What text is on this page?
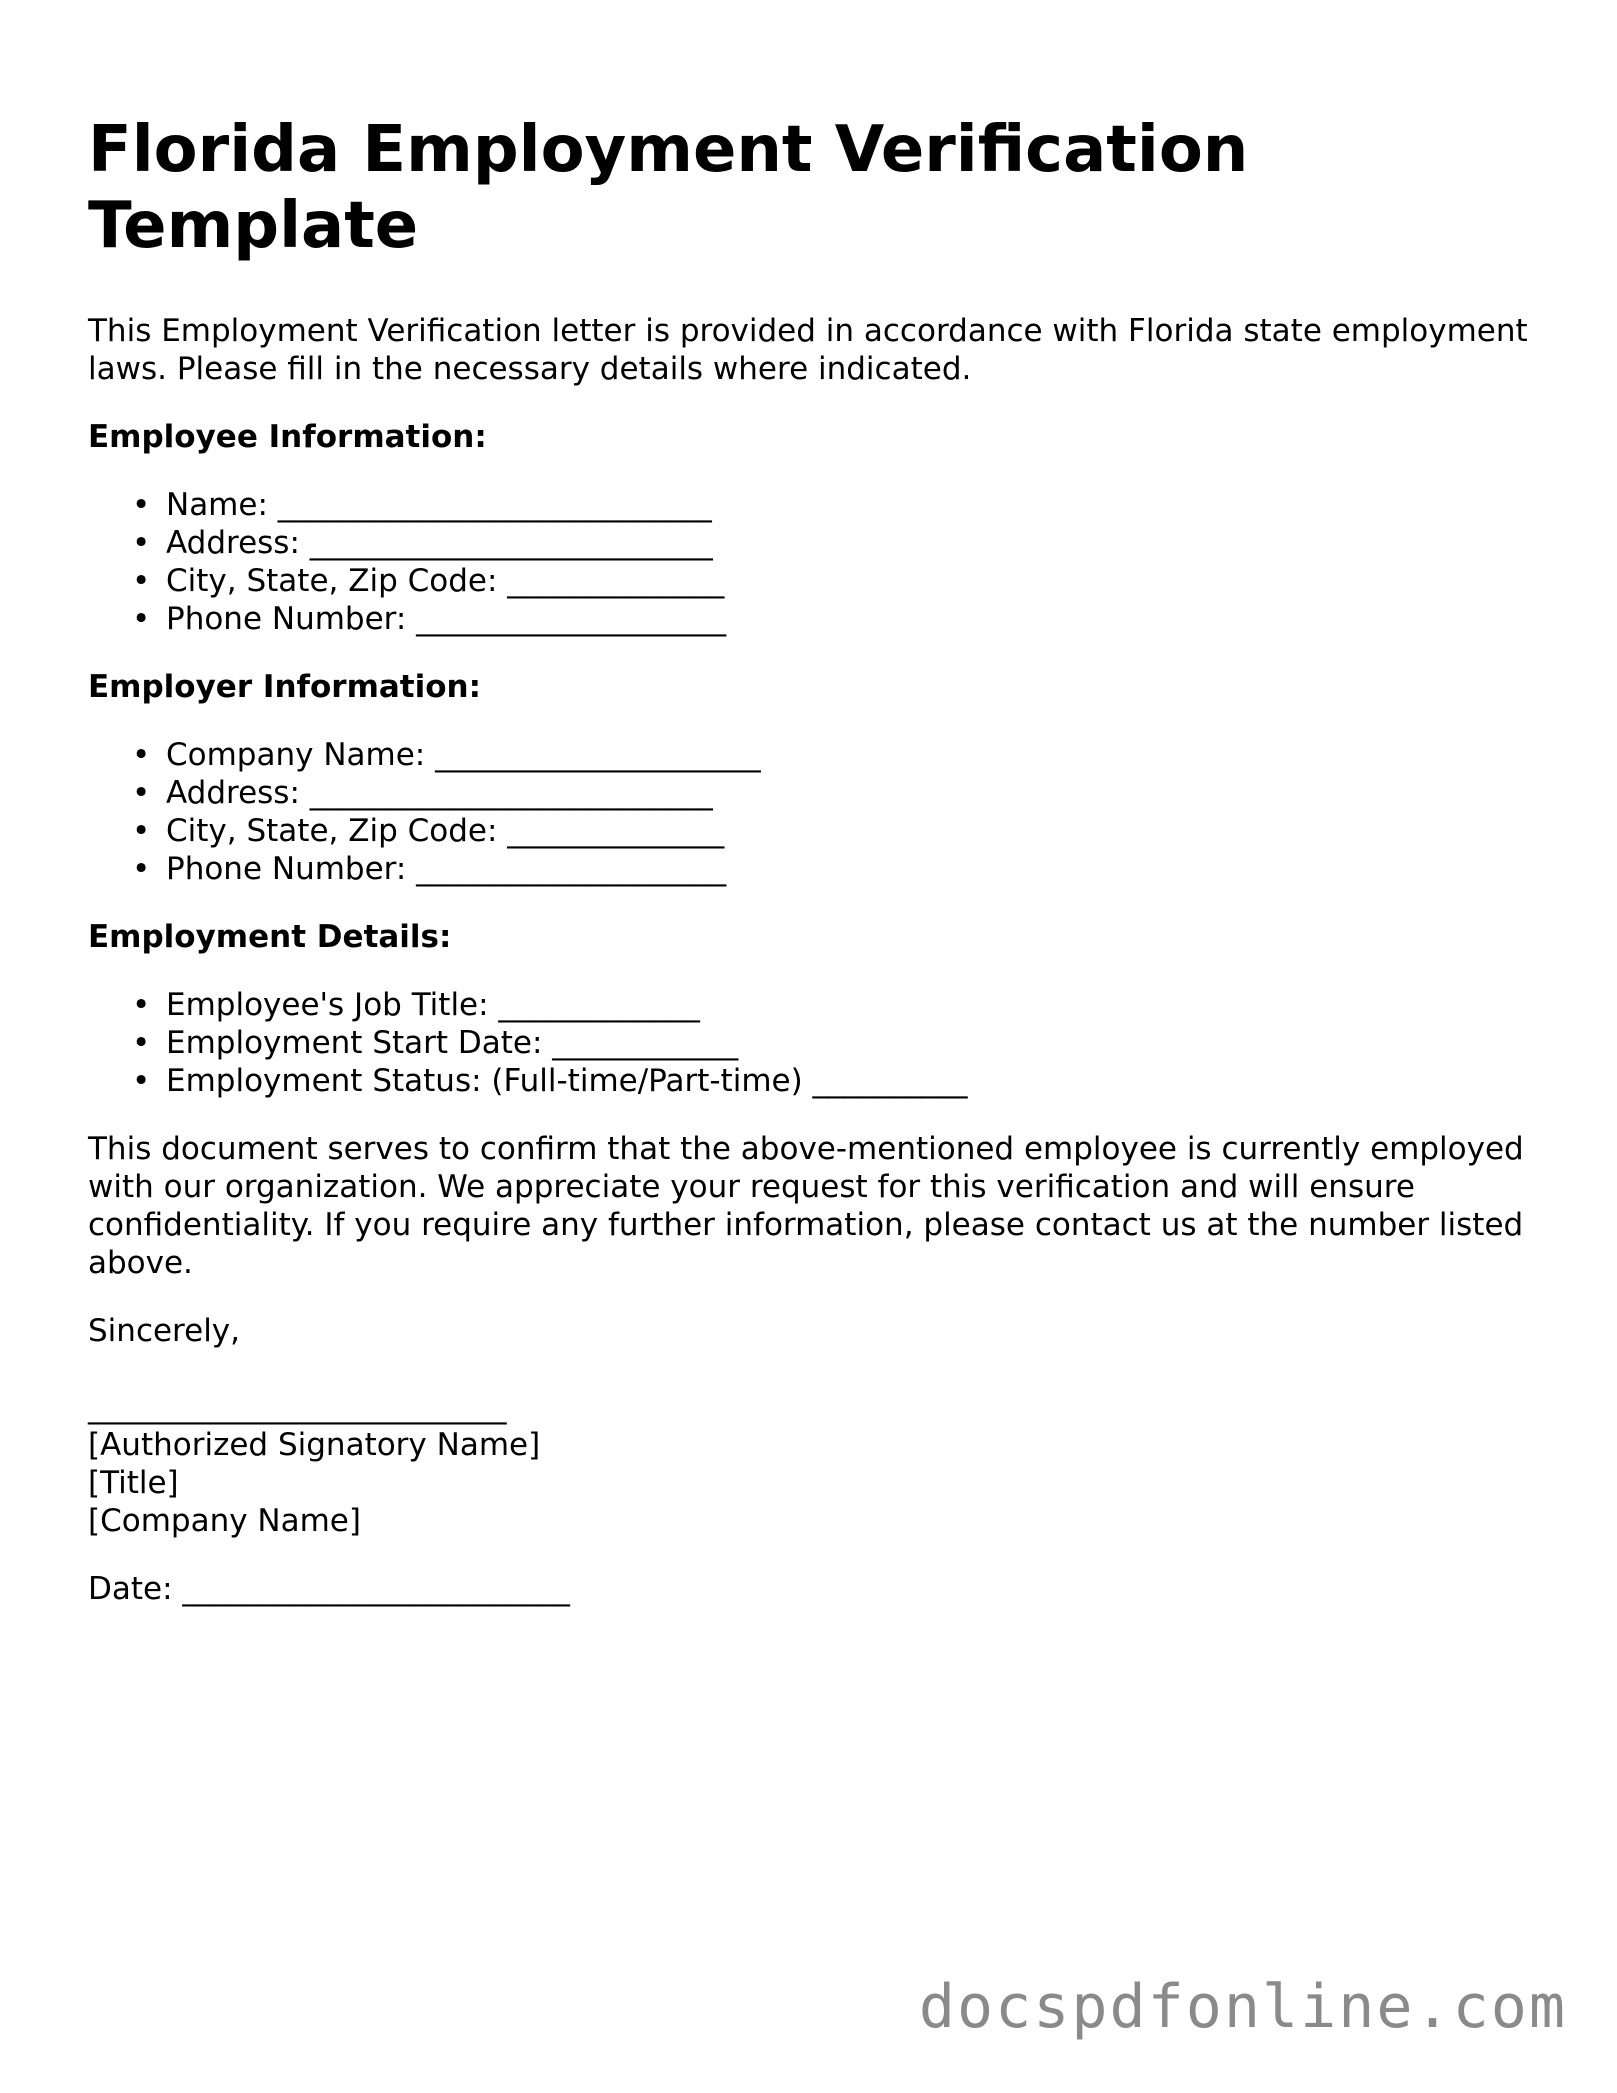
Florida Employment Verification Template

This Employment Verification letter is provided in accordance with Florida state employment laws. Please fill in the necessary details where indicated.

Employee Information:
• Name: ____________________________
• Address: __________________________
• City, State, Zip Code: ______________
• Phone Number: ____________________
Employer Information:
• Company Name: _____________________
• Address: __________________________
• City, State, Zip Code: ______________
• Phone Number: ____________________
Employment Details:
• Employee's Job Title: _____________
• Employment Start Date: ____________
• Employment Status: (Full-time/Part-time) __________

This document serves to confirm that the above-mentioned employee is currently employed with our organization. We appreciate your request for this verification and will ensure confidentiality. If you require any further information, please contact us at the number listed above.

Sincerely,

___________________________
[Authorized Signatory Name]
[Title]
[Company Name]
Date: _________________________
docspdfonline.com
